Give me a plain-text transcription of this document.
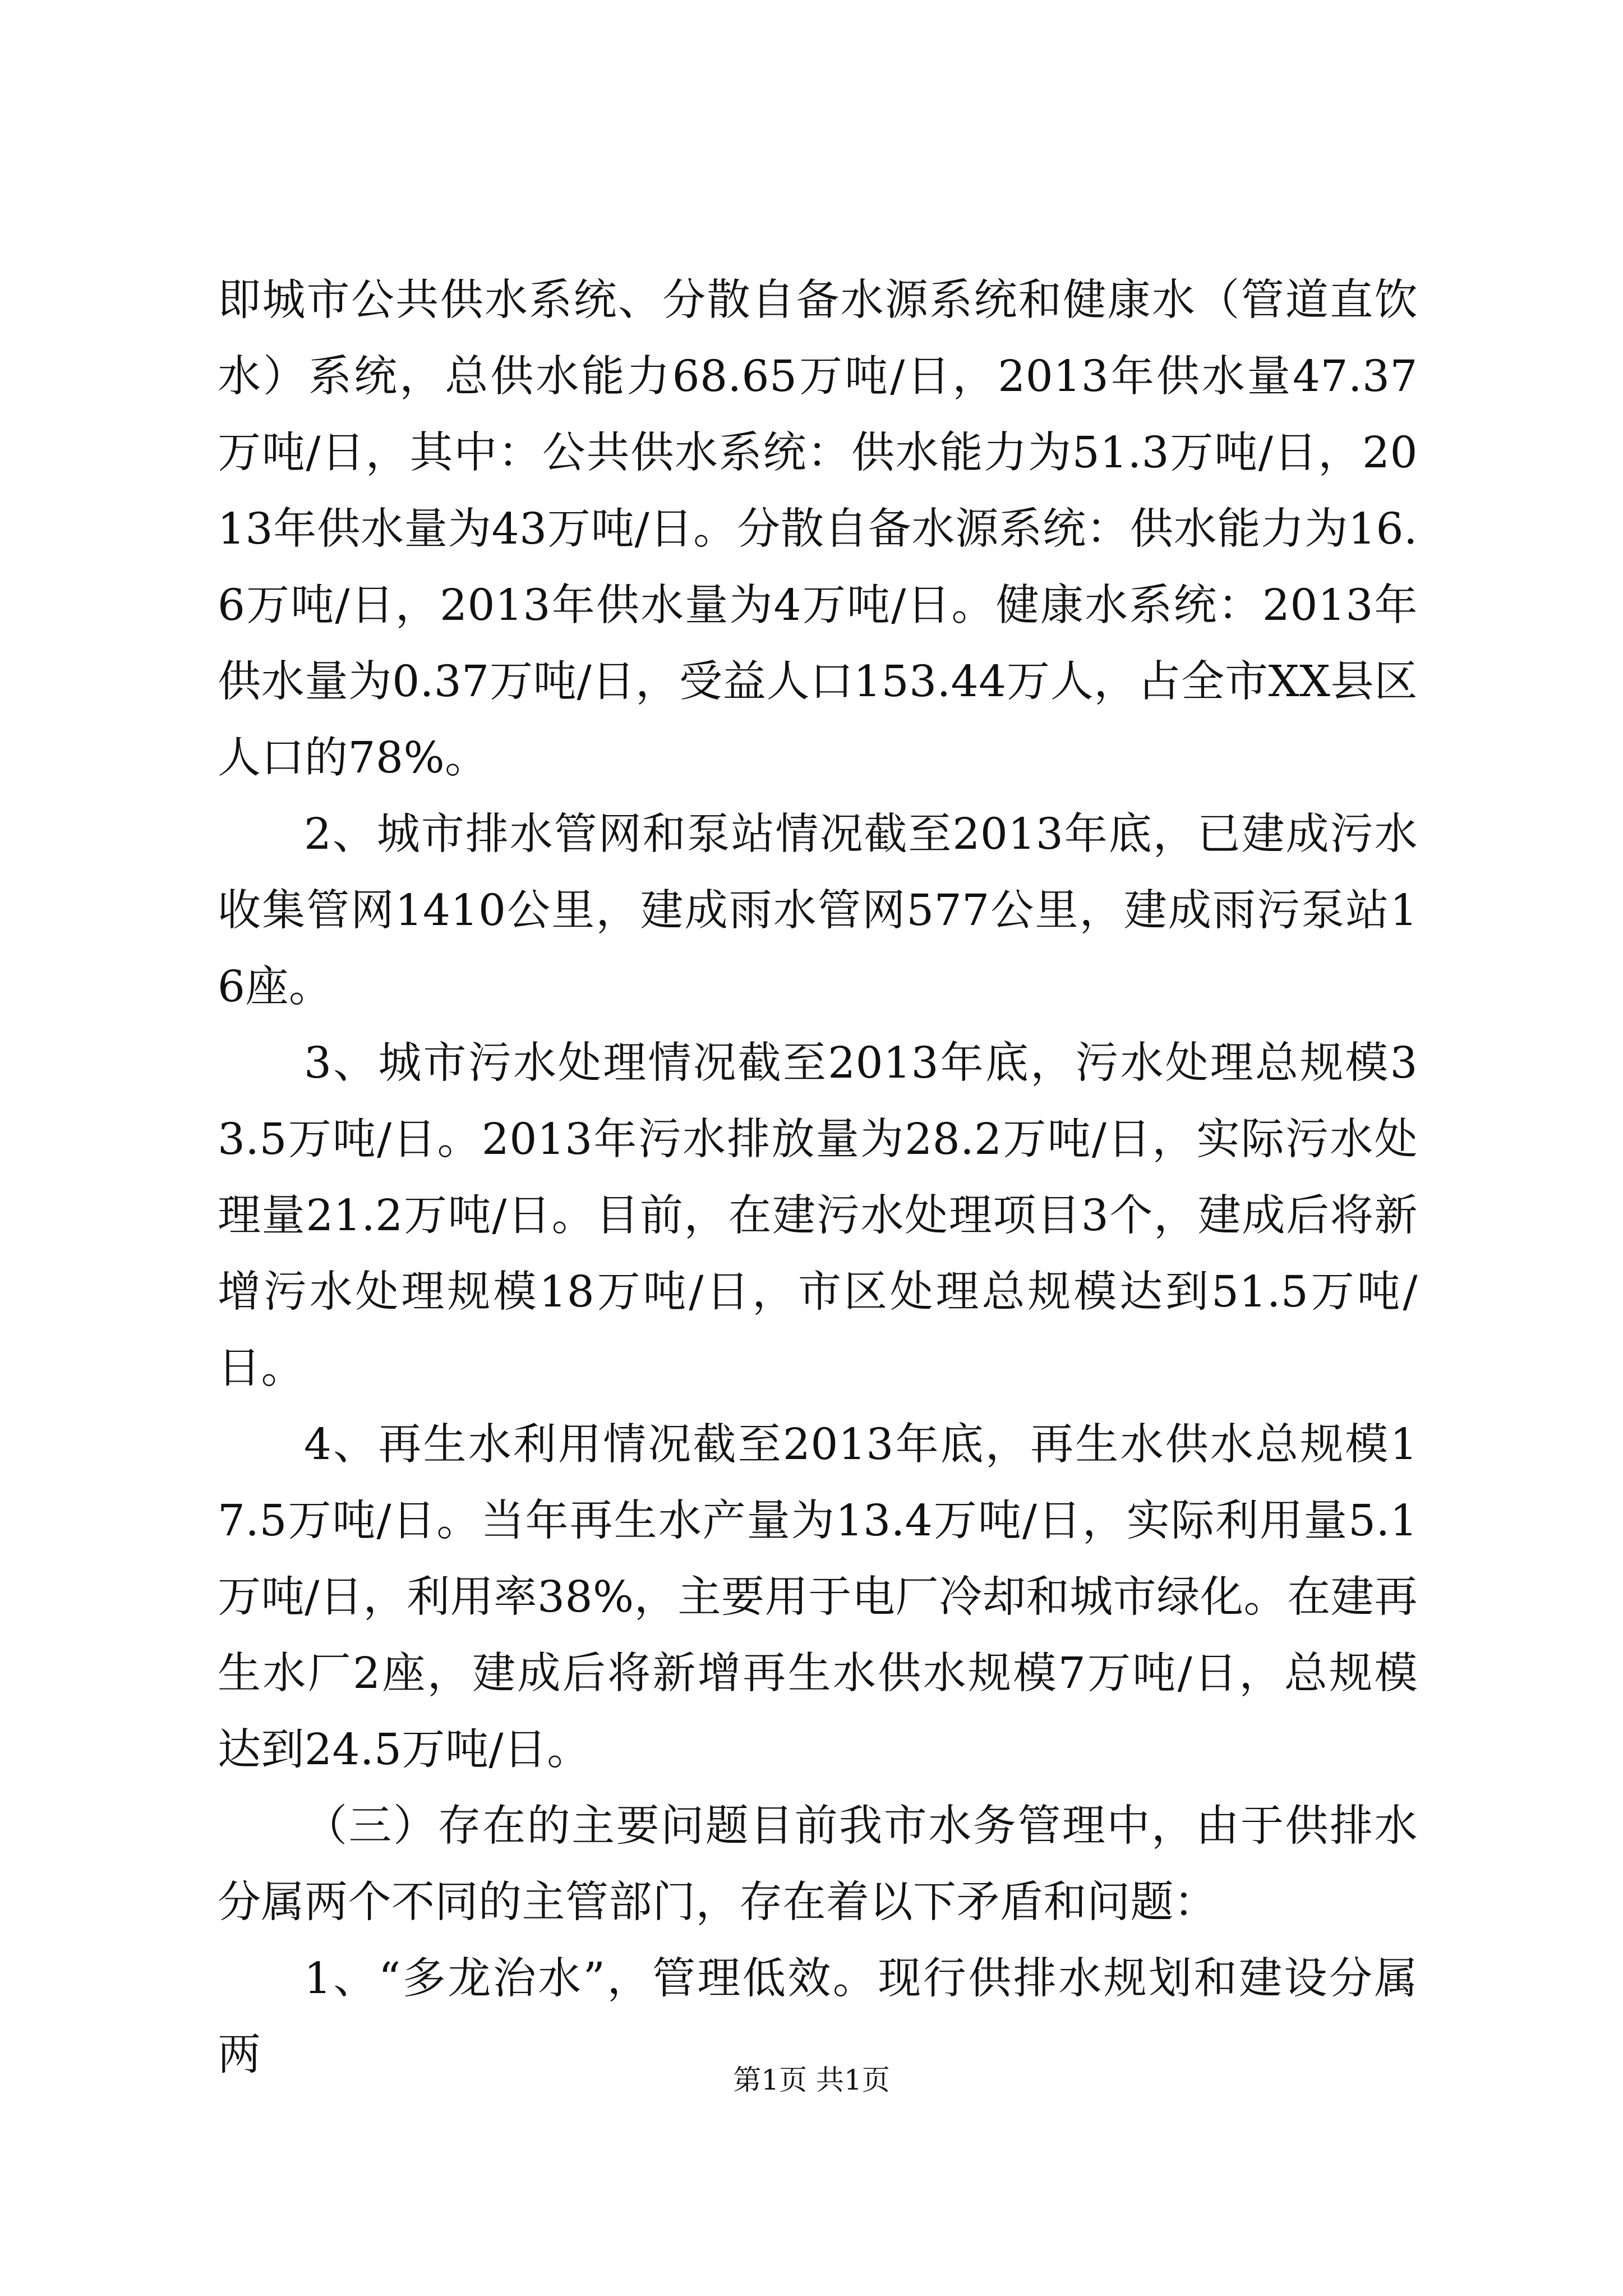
即城市公共供水系统、分散自备水源系统和健康水（管道直饮水）系统，总供水能力68.65万吨/日，2013年供水量47.37万吨/日，其中：公共供水系统：供水能力为51.3万吨/日，2013年供水量为43万吨/日。分散自备水源系统：供水能力为16.6万吨/日，2013年供水量为4万吨/日。健康水系统：2013年供水量为0.37万吨/日，受益人口153.44万人，占全市XX县区人口的78%。

2、城市排水管网和泵站情况截至2013年底，已建成污水收集管网1410公里，建成雨水管网577公里，建成雨污泵站16座。

3、城市污水处理情况截至2013年底，污水处理总规模33.5万吨/日。2013年污水排放量为28.2万吨/日，实际污水处理量21.2万吨/日。目前，在建污水处理项目3个，建成后将新增污水处理规模18万吨/日，市区处理总规模达到51.5万吨/日。

4、再生水利用情况截至2013年底，再生水供水总规模17.5万吨/日。当年再生水产量为13.4万吨/日，实际利用量5.1万吨/日，利用率38%，主要用于电厂冷却和城市绿化。在建再生水厂2座，建成后将新增再生水供水规模7万吨/日，总规模达到24.5万吨/日。

（三）存在的主要问题目前我市水务管理中，由于供排水分属两个不同的主管部门，存在着以下矛盾和问题：

1、“多龙治水”，管理低效。现行供排水规划和建设分属两	第1页 共1页
